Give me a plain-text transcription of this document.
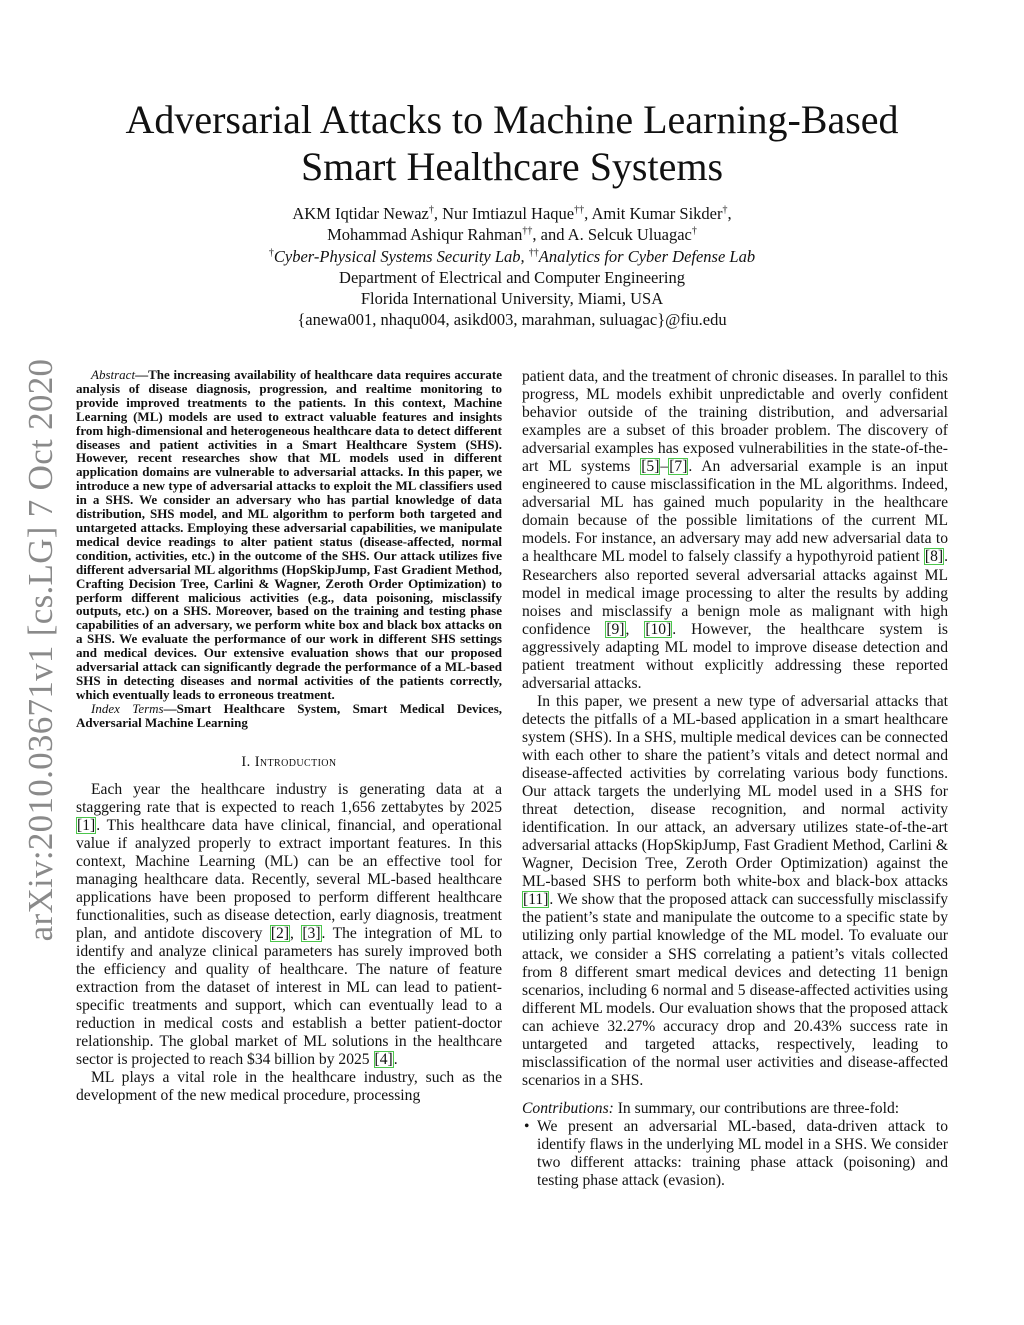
Adversarial Attacks to Machine Learning-Based
Smart Healthcare Systems
AKM Iqtidar Newaz†, Nur Imtiazul Haque††, Amit Kumar Sikder†,
Mohammad Ashiqur Rahman††, and A. Selcuk Uluagac†
†Cyber-Physical Systems Security Lab, ††Analytics for Cyber Defense Lab
Department of Electrical and Computer Engineering
Florida International University, Miami, USA
{anewa001, nhaqu004, asikd003, marahman, suluagac}@fiu.edu
arXiv:2010.03671v1 [cs.LG] 7 Oct 2020	Abstract—The increasing availability of healthcare data requires accurate analysis of disease diagnosis, progression, and realtime monitoring to provide improved treatments to the patients. In this context, Machine Learning (ML) models are used to extract valuable features and insights from high-dimensional and heterogeneous healthcare data to detect different diseases and patient activities in a Smart Healthcare System (SHS). However, recent researches show that ML models used in different application domains are vulnerable to adversarial attacks. In this paper, we introduce a new type of adversarial attacks to exploit the ML classifiers used in a SHS. We consider an adversary who has partial knowledge of data distribution, SHS model, and ML algorithm to perform both targeted and untargeted attacks. Employing these adversarial capabilities, we manipulate medical device readings to alter patient status (disease-affected, normal condition, activities, etc.) in the outcome of the SHS. Our attack utilizes five different adversarial ML algorithms (HopSkipJump, Fast Gradient Method, Crafting Decision Tree, Carlini & Wagner, Zeroth Order Optimization) to perform different malicious activities (e.g., data poisoning, misclassify outputs, etc.) on a SHS. Moreover, based on the training and testing phase capabilities of an adversary, we perform white box and black box attacks on a SHS. We evaluate the performance of our work in different SHS settings and medical devices. Our extensive evaluation shows that our proposed adversarial attack can significantly degrade the performance of a ML-based SHS in detecting diseases and normal activities of the patients correctly, which eventually leads to erroneous treatment.

Index Terms—Smart Healthcare System, Smart Medical Devices, Adversarial Machine Learning

I. Introduction

Each year the healthcare industry is generating data at a staggering rate that is expected to reach 1,656 zettabytes by 2025 [1]. This healthcare data have clinical, financial, and operational value if analyzed properly to extract important features. In this context, Machine Learning (ML) can be an effective tool for managing healthcare data. Recently, several ML-based healthcare applications have been proposed to perform different healthcare functionalities, such as disease detection, early diagnosis, treatment plan, and antidote discovery [2], [3]. The integration of ML to identify and analyze clinical parameters has surely improved both the efficiency and quality of healthcare. The nature of feature extraction from the dataset of interest in ML can lead to patient-specific treatments and support, which can eventually lead to a reduction in medical costs and establish a better patient-doctor relationship. The global market of ML solutions in the healthcare sector is projected to reach $34 billion by 2025 [4].

ML plays a vital role in the healthcare industry, such as the development of the new medical procedure, processing

patient data, and the treatment of chronic diseases. In parallel to this progress, ML models exhibit unpredictable and overly confident behavior outside of the training distribution, and adversarial examples are a subset of this broader problem. The discovery of adversarial examples has exposed vulnerabilities in the state-of-the-art ML systems [5]–[7]. An adversarial example is an input engineered to cause misclassification in the ML algorithms. Indeed, adversarial ML has gained much popularity in the healthcare domain because of the possible limitations of the current ML models. For instance, an adversary may add new adversarial data to a healthcare ML model to falsely classify a hypothyroid patient [8]. Researchers also reported several adversarial attacks against ML model in medical image processing to alter the results by adding noises and misclassify a benign mole as malignant with high confidence [9], [10]. However, the healthcare system is aggressively adapting ML model to improve disease detection and patient treatment without explicitly addressing these reported adversarial attacks.

In this paper, we present a new type of adversarial attacks that detects the pitfalls of a ML-based application in a smart healthcare system (SHS). In a SHS, multiple medical devices can be connected with each other to share the patient’s vitals and detect normal and disease-affected activities by correlating various body functions. Our attack targets the underlying ML model used in a SHS for threat detection, disease recognition, and normal activity identification. In our attack, an adversary utilizes state-of-the-art adversarial attacks (HopSkipJump, Fast Gradient Method, Carlini & Wagner, Decision Tree, Zeroth Order Optimization) against the ML-based SHS to perform both white-box and black-box attacks [11]. We show that the proposed attack can successfully misclassify the patient’s state and manipulate the outcome to a specific state by utilizing only partial knowledge of the ML model. To evaluate our attack, we consider a SHS correlating a patient’s vitals collected from 8 different smart medical devices and detecting 11 benign scenarios, including 6 normal and 5 disease-affected activities using different ML models. Our evaluation shows that the proposed attack can achieve 32.27% accuracy drop and 20.43% success rate in untargeted and targeted attacks, respectively, leading to misclassification of the normal user activities and disease-affected scenarios in a SHS.

Contributions: In summary, our contributions are three-fold:

• We present an adversarial ML-based, data-driven attack to identify flaws in the underlying ML model in a SHS. We consider two different attacks: training phase attack (poisoning) and testing phase attack (evasion).
